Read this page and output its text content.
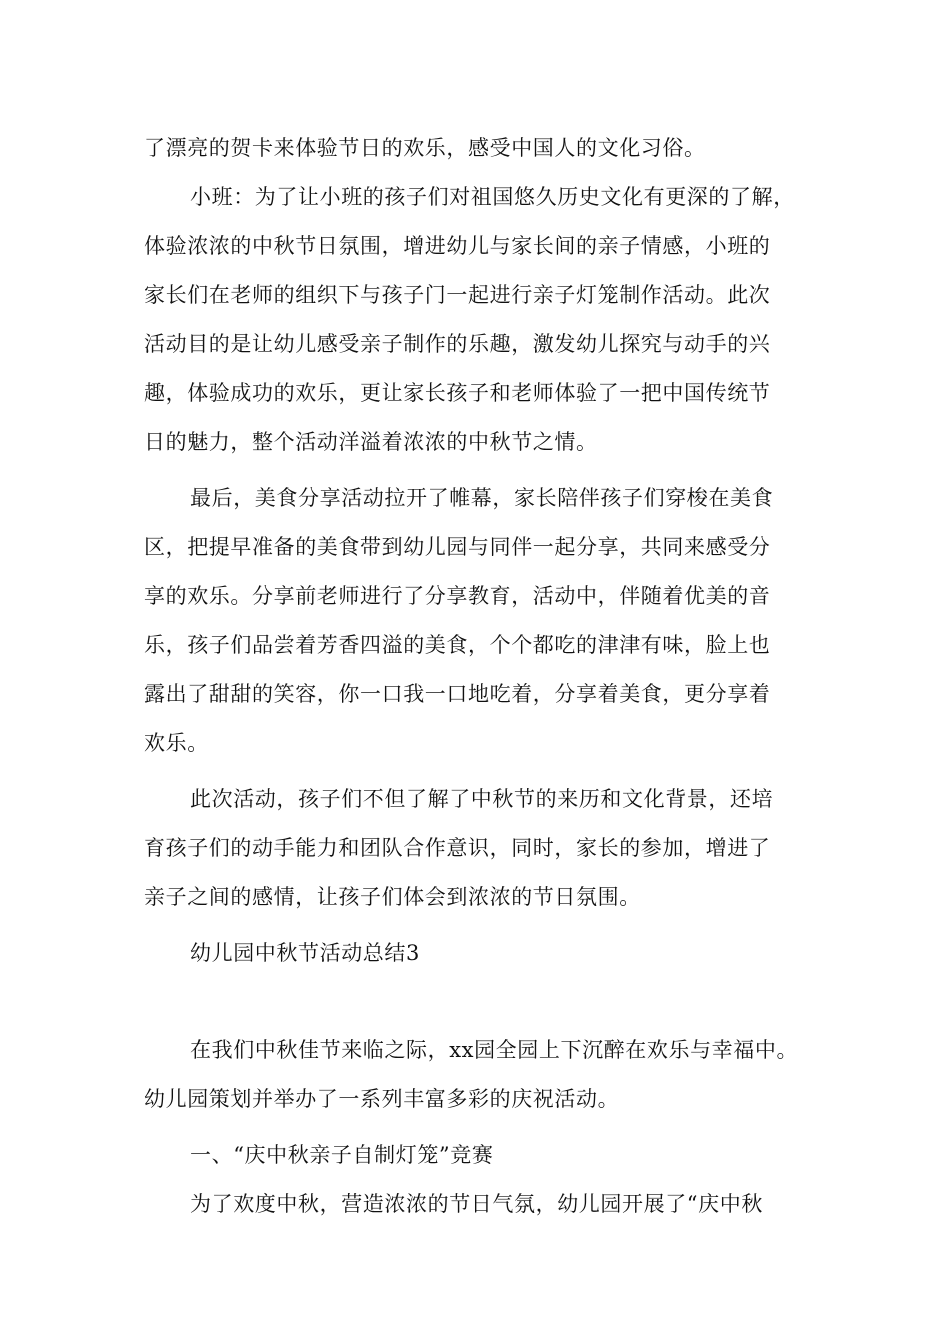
了漂亮的贺卡来体验节日的欢乐，感受中国人的文化习俗。
小班：为了让小班的孩子们对祖国悠久历史文化有更深的了解，
体验浓浓的中秋节日氛围，增进幼儿与家长间的亲子情感，小班的
家长们在老师的组织下与孩子门一起进行亲子灯笼制作活动。此次
活动目的是让幼儿感受亲子制作的乐趣，激发幼儿探究与动手的兴
趣，体验成功的欢乐，更让家长孩子和老师体验了一把中国传统节
日的魅力，整个活动洋溢着浓浓的中秋节之情。
最后，美食分享活动拉开了帷幕，家长陪伴孩子们穿梭在美食
区，把提早准备的美食带到幼儿园与同伴一起分享，共同来感受分
享的欢乐。分享前老师进行了分享教育，活动中，伴随着优美的音
乐，孩子们品尝着芳香四溢的美食，个个都吃的津津有味，脸上也
露出了甜甜的笑容，你一口我一口地吃着，分享着美食，更分享着
欢乐。
此次活动，孩子们不但了解了中秋节的来历和文化背景，还培
育孩子们的动手能力和团队合作意识，同时，家长的参加，增进了
亲子之间的感情，让孩子们体会到浓浓的节日氛围。
幼儿园中秋节活动总结3
在我们中秋佳节来临之际，xx园全园上下沉醉在欢乐与幸福中。
幼儿园策划并举办了一系列丰富多彩的庆祝活动。
一、“庆中秋亲子自制灯笼”竞赛
为了欢度中秋，营造浓浓的节日气氛，幼儿园开展了“庆中秋
